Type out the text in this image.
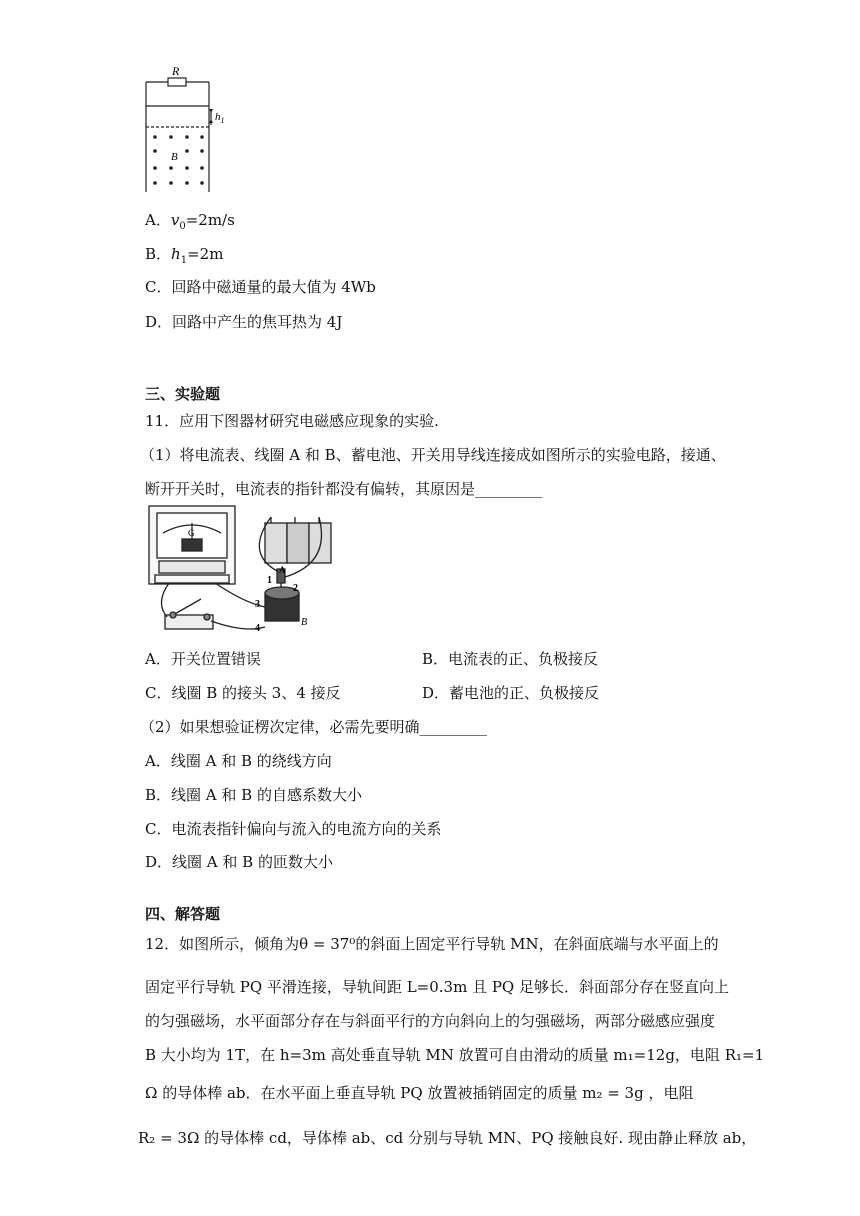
R
$h_1$
B
A．$v_0=2m/s$
B．$h_1=2m$
C．回路中磁通量的最大值为 4Wb
D．回路中产生的焦耳热为 4J
三、实验题
11．应用下图器材研究电磁感应现象的实验.
（1）将电流表、线圈 A 和 B、蓄电池、开关用导线连接成如图所示的实验电路，接通、
断开开关时，电流表的指针都没有偏转，其原因是_________
1
2
3
4
A
B
G
A．开关位置错误	B．电流表的正、负极接反
C．线圈 B 的接头 3、4 接反	D．蓄电池的正、负极接反
（2）如果想验证楞次定律，必需先要明确_________
A．线圈 A 和 B 的绕线方向
B．线圈 A 和 B 的自感系数大小
C．电流表指针偏向与流入的电流方向的关系
D．线圈 A 和 B 的匝数大小
四、解答题
12．如图所示，倾角为θ = 37⁰的斜面上固定平行导轨 MN，在斜面底端与水平面上的
固定平行导轨 PQ 平滑连接，导轨间距 L=0.3m 且 PQ 足够长．斜面部分存在竖直向上
的匀强磁场，水平面部分存在与斜面平行的方向斜向上的匀强磁场，两部分磁感应强度
B 大小均为 1T，在 h=3m 高处垂直导轨 MN 放置可自由滑动的质量 m₁=12g，电阻 R₁=1
Ω 的导体棒 ab．在水平面上垂直导轨 PQ 放置被插销固定的质量 m₂ = 3g ，电阻
R₂ = 3Ω 的导体棒 cd，导体棒 ab、cd 分别与导轨 MN、PQ 接触良好. 现由静止释放 ab，
